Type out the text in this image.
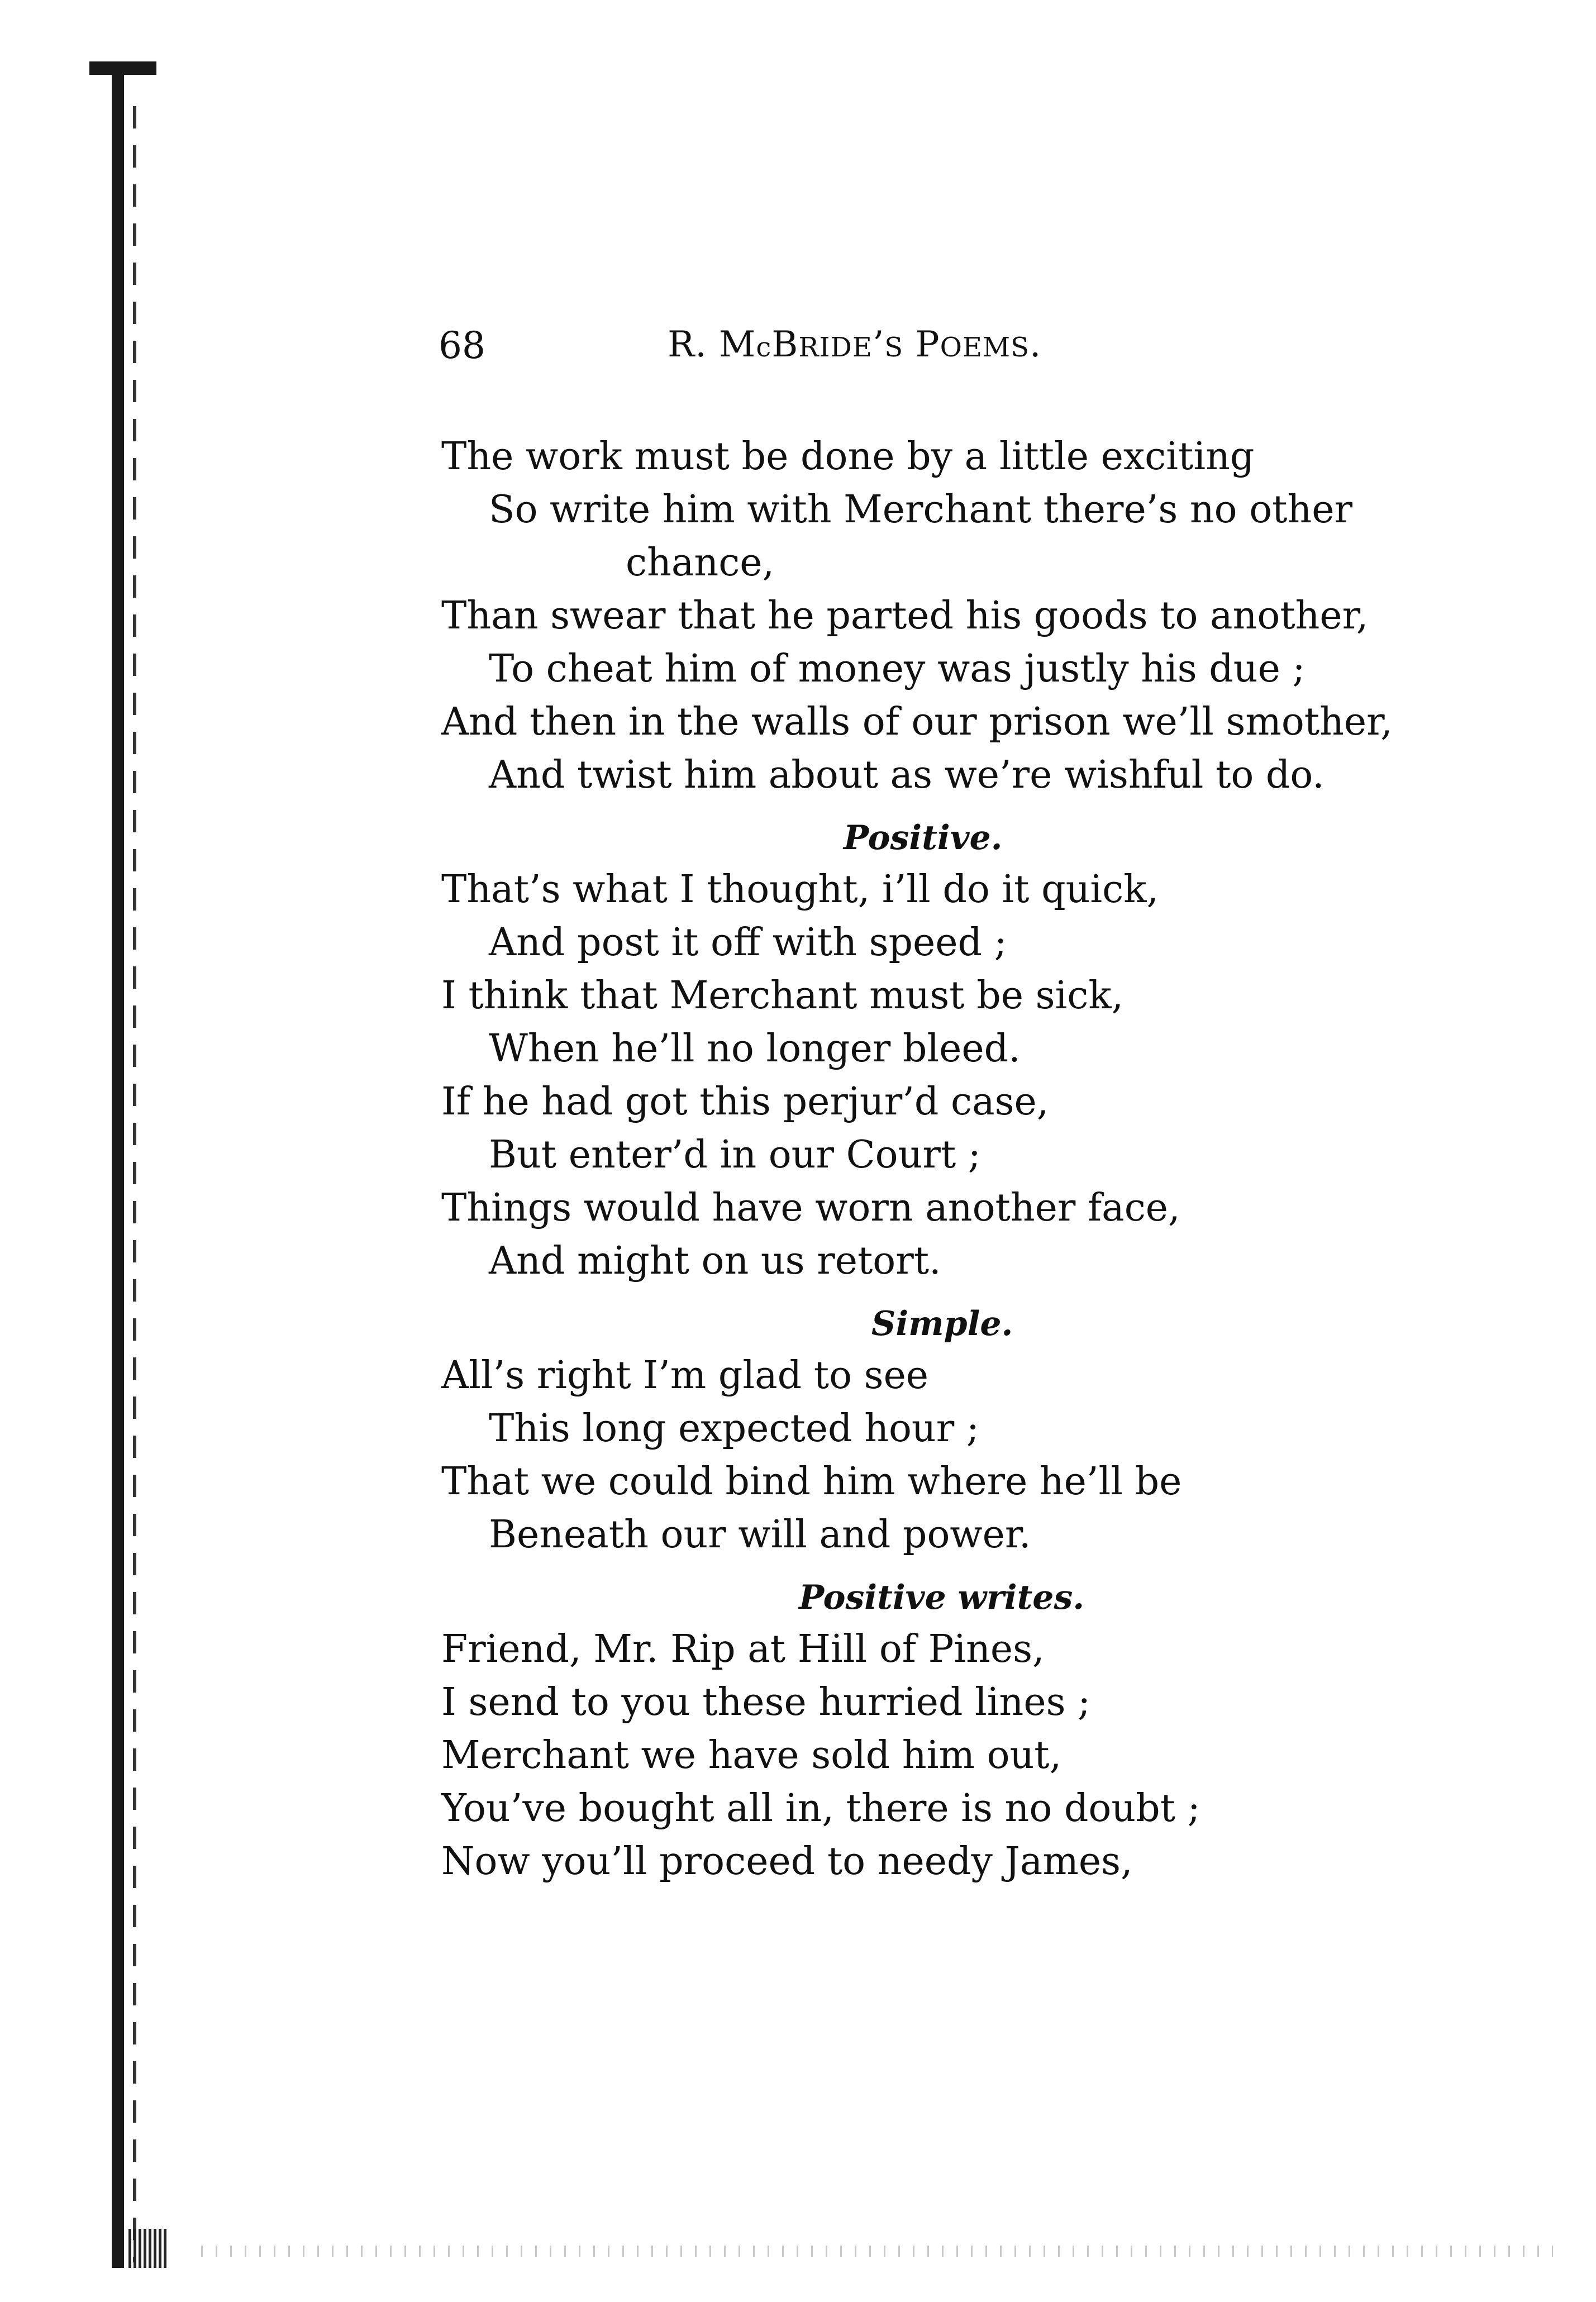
68	R. McBRIDE’S POEMS.
The work must be done by a little exciting
So write him with Merchant there’s no other
chance,
Than swear that he parted his goods to another,
To cheat him of money was justly his due ;
And then in the walls of our prison we’ll smother,
And twist him about as we’re wishful to do.
Positive.
That’s what I thought, i’ll do it quick,
And post it off with speed ;
I think that Merchant must be sick,
When he’ll no longer bleed.
If he had got this perjur’d case,
But enter’d in our Court ;
Things would have worn another face,
And might on us retort.
Simple.
All’s right I’m glad to see
This long expected hour ;
That we could bind him where he’ll be
Beneath our will and power.
Positive writes.
Friend, Mr. Rip at Hill of Pines,
I send to you these hurried lines ;
Merchant we have sold him out,
You’ve bought all in, there is no doubt ;
Now you’ll proceed to needy James,
